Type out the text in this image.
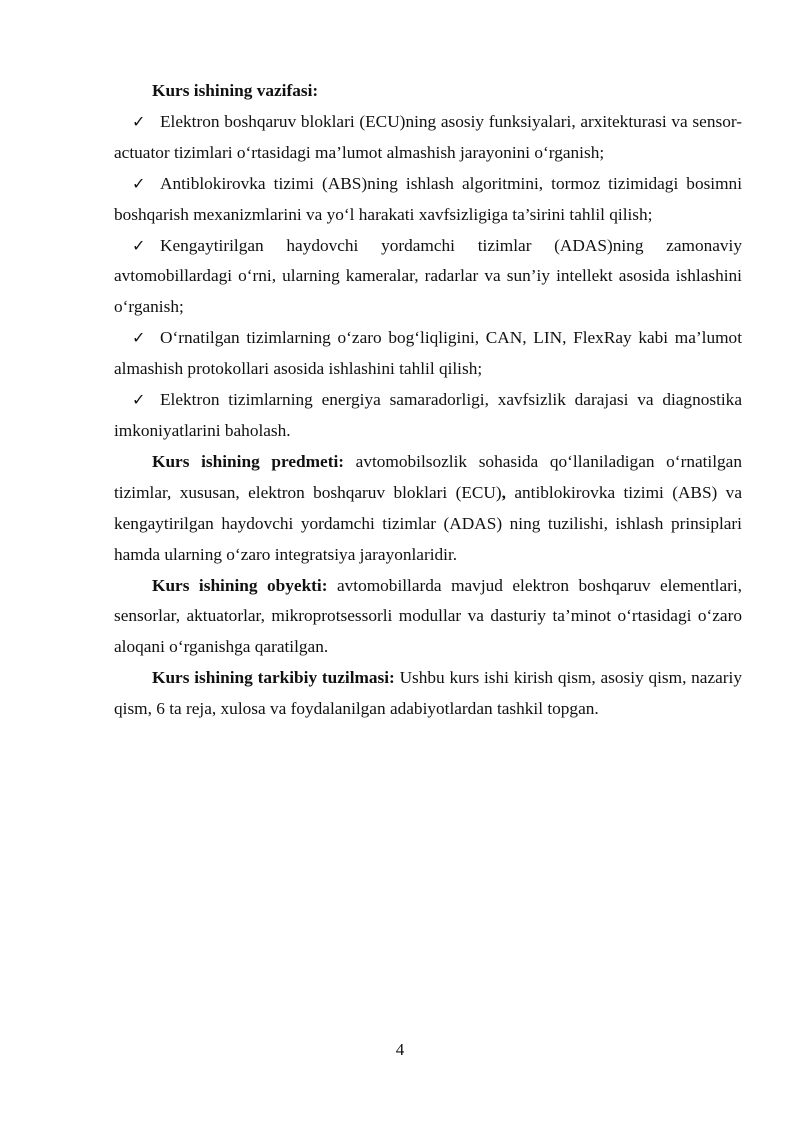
Kurs ishining vazifasi:

✓ Elektron boshqaruv bloklari (ECU)ning asosiy funksiyalari, arxitekturasi va sensor-actuator tizimlari o‘rtasidagi ma’lumot almashish jarayonini o‘rganish;

✓ Antiblokirovka tizimi (ABS)ning ishlash algoritmini, tormoz tizimidagi bosimni boshqarish mexanizmlarini va yo‘l harakati xavfsizligiga ta’sirini tahlil qilish;

✓ Kengaytirilgan haydovchi yordamchi tizimlar (ADAS)ning zamonaviy avtomobillardagi o‘rni, ularning kameralar, radarlar va sun’iy intellekt asosida ishlashini o‘rganish;

✓ O‘rnatilgan tizimlarning o‘zaro bog‘liqligini, CAN, LIN, FlexRay kabi ma’lumot almashish protokollari asosida ishlashini tahlil qilish;

✓ Elektron tizimlarning energiya samaradorligi, xavfsizlik darajasi va diagnostika imkoniyatlarini baholash.

Kurs ishining predmeti: avtomobilsozlik sohasida qo‘llaniladigan o‘rnatilgan tizimlar, xususan, elektron boshqaruv bloklari (ECU), antiblokirovka tizimi (ABS) va kengaytirilgan haydovchi yordamchi tizimlar (ADAS) ning tuzilishi, ishlash prinsiplari hamda ularning o‘zaro integratsiya jarayonlaridir.

Kurs ishining obyekti: avtomobillarda mavjud elektron boshqaruv elementlari, sensorlar, aktuatorlar, mikroprotsessorli modullar va dasturiy ta’minot o‘rtasidagi o‘zaro aloqani o‘rganishga qaratilgan.

Kurs ishining tarkibiy tuzilmasi: Ushbu kurs ishi kirish qism, asosiy qism, nazariy qism, 6 ta reja, xulosa va foydalanilgan adabiyotlardan tashkil topgan.

4
